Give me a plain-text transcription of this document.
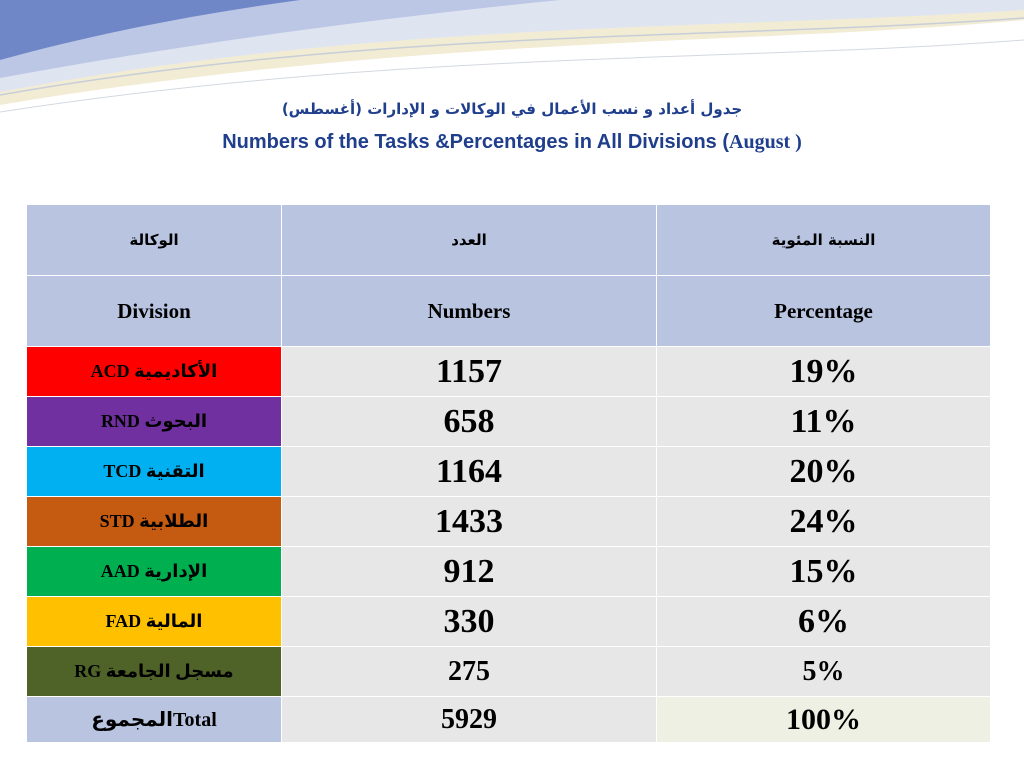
جدول أعداد و نسب الأعمال في الوكالات و الإدارات (أغسطس)
Numbers of the Tasks &Percentages in All Divisions (August )
الوكالة	العدد	النسبة المئوية
Division	Numbers	Percentage
ACD الأكاديمية	1157	19%
RND البحوث	658	11%
TCD التقنية	1164	20%
STD الطلابية	1433	24%
AAD الإدارية	912	15%
FAD المالية	330	6%
RG مسجل الجامعة	275	5%
المجموعTotal	5929	100%
